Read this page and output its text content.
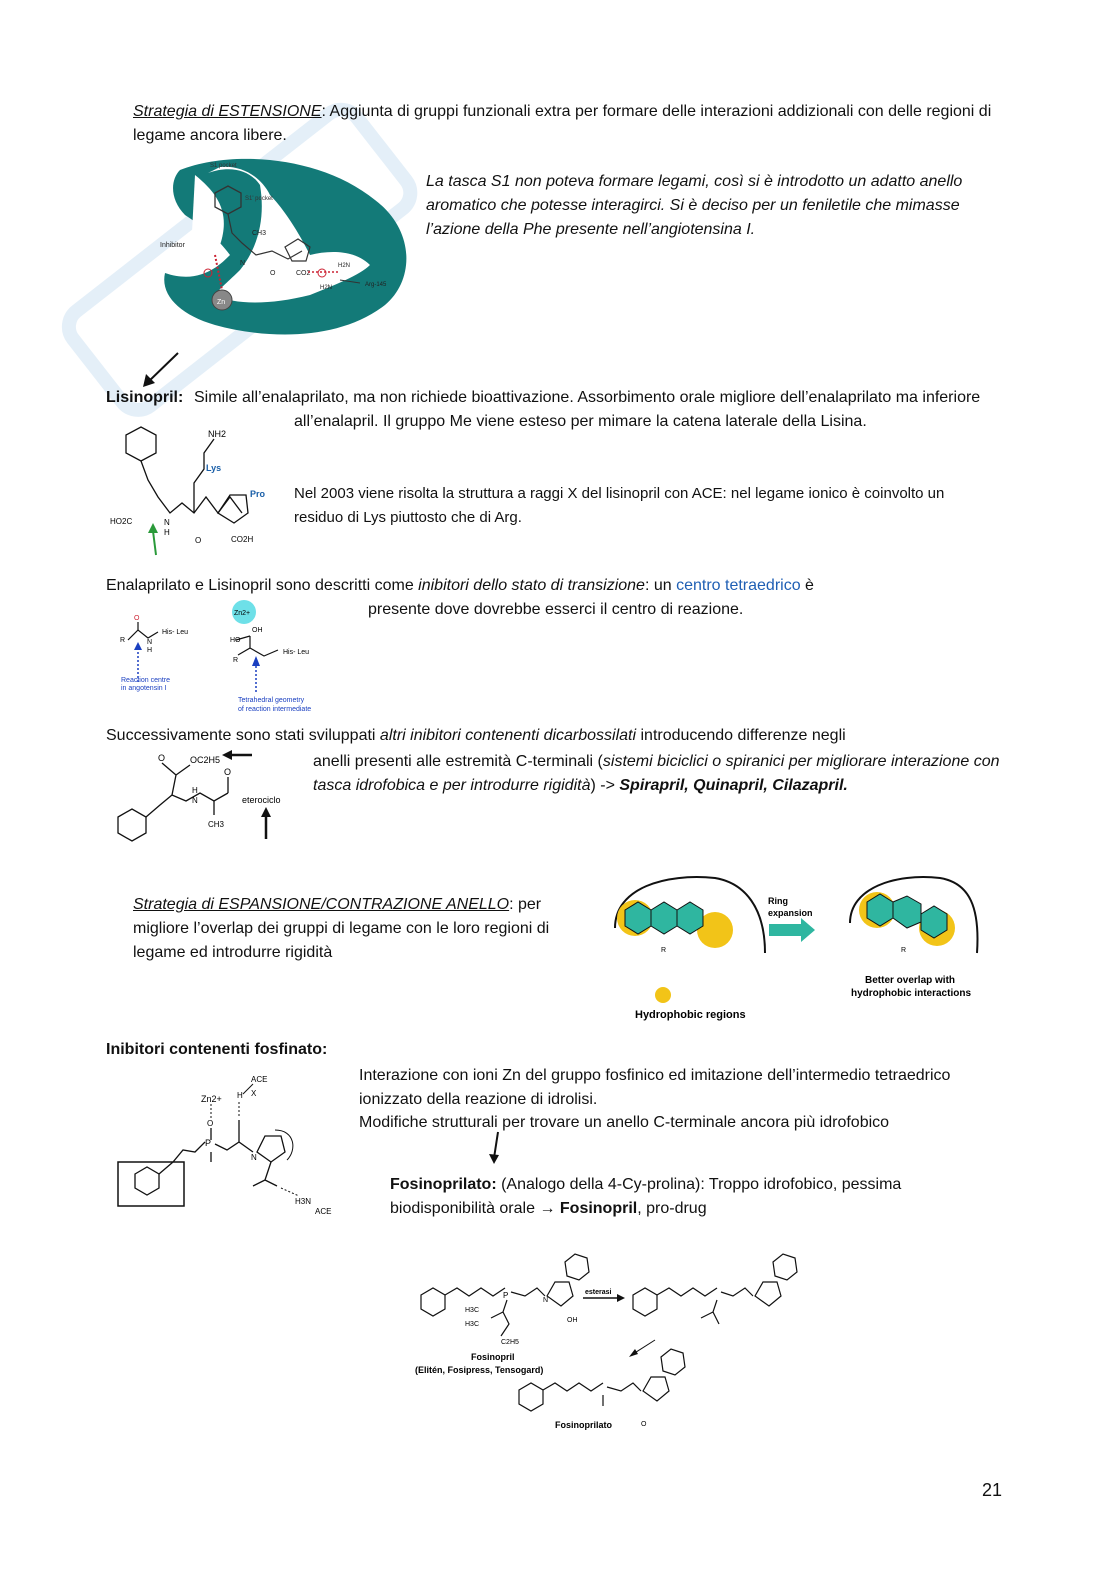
Strategia di ESTENSIONE: Aggiunta di gruppi funzionali extra per formare delle interazioni addizionali con delle regioni di legame ancora libere.

Zn
S1 pocket
S1' pocket
Inhibitor
CH3
N
O	CO2
H2N
H2N	Arg-145

La tasca S1 non poteva formare legami, così si è introdotto un adatto anello aromatico che potesse interagirci. Si è deciso per un feniletile che mimasse l’azione della Phe presente nell’angiotensina I.

Lisinopril: Simile all’enalaprilato, ma non richiede bioattivazione. Assorbimento orale migliore dell’enalaprilato ma inferiore all’enalapril. Il gruppo Me viene esteso per mimare la catena laterale della Lisina.

Nel 2003 viene risolta la struttura a raggi X del lisinopril con ACE: nel legame ionico è coinvolto un residuo di Lys piuttosto che di Arg.

NH2
Lys
Pro
HO2C
CO2H
N
H
O

Enalaprilato e Lisinopril sono descritti come inibitori dello stato di transizione: un centro tetraedrico è

presente dove dovrebbe esserci il centro di reazione.

O
R	N
H
His- Leu
Reaction centre
in angotensin I
Zn2+
HO
OH
R
His- Leu
Tetrahedral geometry
of reaction intermediate

Successivamente sono stati sviluppati altri inibitori contenenti dicarbossilati introducendo differenze negli

anelli presenti alle estremità C-terminali (sistemi biciclici o spiranici per migliorare interazione con tasca idrofobica e per introdurre rigidità) -> Spirapril, Quinapril, Cilazapril.

O	OC2H5
H
N
O
CH3
eterociclo

Strategia di ESPANSIONE/CONTRAZIONE ANELLO: per migliore l’overlap dei gruppi di legame con le loro regioni di legame ed introdurre rigidità	R
Ring
expansion
R
Better overlap with
hydrophobic interactions
Hydrophobic regions

Inibitori contenenti fosfinato:

Interazione con ioni Zn del gruppo fosfinico ed imitazione dell’intermedio tetraedrico ionizzato della reazione di idrolisi.

Modifiche strutturali per trovare un anello C-terminale ancora più idrofobico

Fosinoprilato: (Analogo della 4-Cy-prolina): Troppo idrofobico, pessima biodisponibilità orale → Fosinopril, pro-drug

P
O
Zn2+ H X
ACE
N
H3N
ACE
P
N
H3C
H3C
C2H5
OH
Fosinopril
(Elitén, Fosipress, Tensogard)
esterasi
Fosinoprilato	O
21
